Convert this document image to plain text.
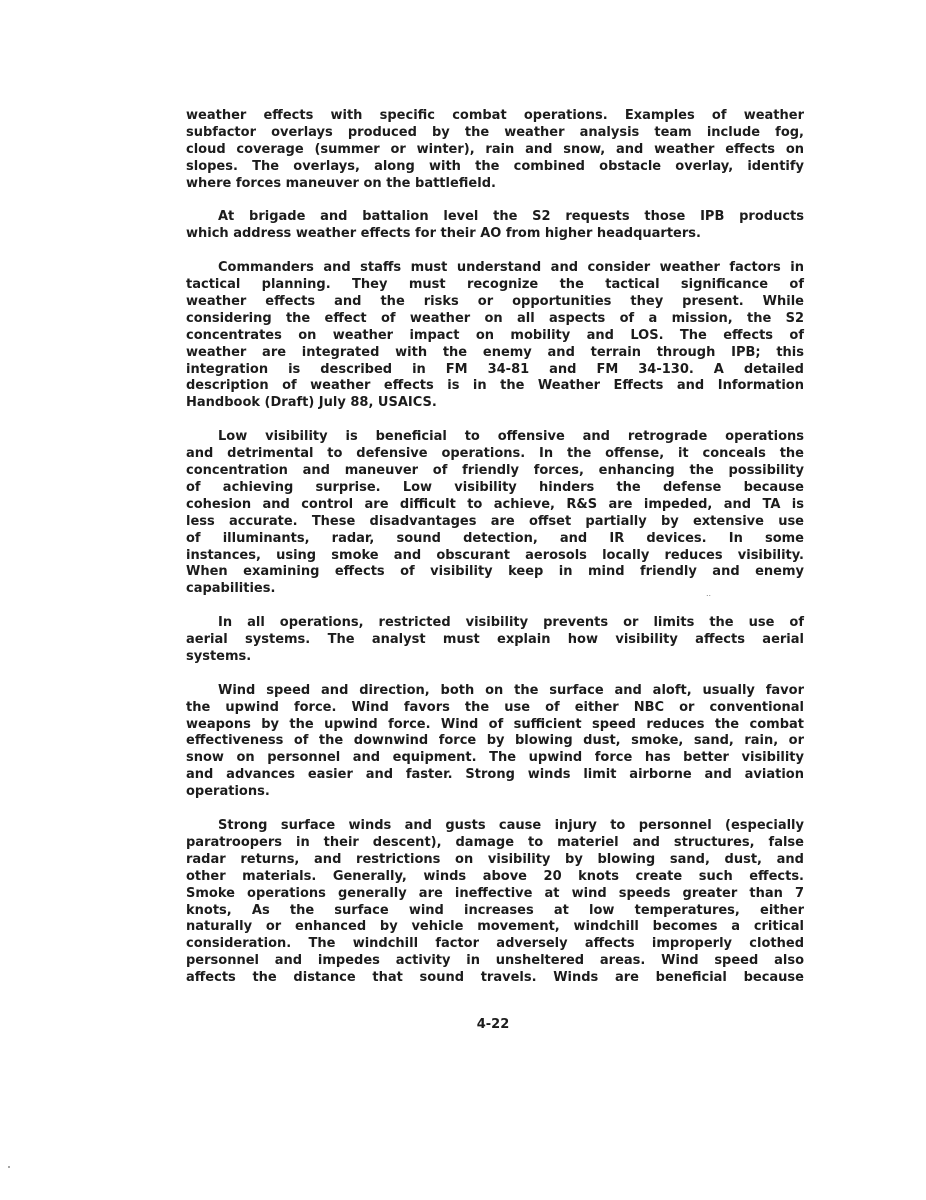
weather effects with specific combat operations. Examples of weather
subfactor overlays produced by the weather analysis team include fog,
cloud coverage (summer or winter), rain and snow, and weather effects on
slopes. The overlays, along with the combined obstacle overlay, identify
where forces maneuver on the battlefield.
At brigade and battalion level the S2 requests those IPB products
which address weather effects for their AO from higher headquarters.
Commanders and staffs must understand and consider weather factors in
tactical planning. They must recognize the tactical significance of
weather effects and the risks or opportunities they present. While
considering the effect of weather on all aspects of a mission, the S2
concentrates on weather impact on mobility and LOS. The effects of
weather are integrated with the enemy and terrain through IPB; this
integration is described in FM 34-81 and FM 34-130. A detailed
description of weather effects is in the Weather Effects and Information
Handbook (Draft) July 88, USAICS.
Low visibility is beneficial to offensive and retrograde operations
and detrimental to defensive operations. In the offense, it conceals the
concentration and maneuver of friendly forces, enhancing the possibility
of achieving surprise. Low visibility hinders the defense because
cohesion and control are difficult to achieve, R&S are impeded, and TA is
less accurate. These disadvantages are offset partially by extensive use
of illuminants, radar, sound detection, and IR devices. In some
instances, using smoke and obscurant aerosols locally reduces visibility.
When examining effects of visibility keep in mind friendly and enemy
capabilities.
In all operations, restricted visibility prevents or limits the use of
aerial systems. The analyst must explain how visibility affects aerial
systems.
Wind speed and direction, both on the surface and aloft, usually favor
the upwind force. Wind favors the use of either NBC or conventional
weapons by the upwind force. Wind of sufficient speed reduces the combat
effectiveness of the downwind force by blowing dust, smoke, sand, rain, or
snow on personnel and equipment. The upwind force has better visibility
and advances easier and faster. Strong winds limit airborne and aviation
operations.
Strong surface winds and gusts cause injury to personnel (especially
paratroopers in their descent), damage to materiel and structures, false
radar returns, and restrictions on visibility by blowing sand, dust, and
other materials. Generally, winds above 20 knots create such effects.
Smoke operations generally are ineffective at wind speeds greater than 7
knots, As the surface wind increases at low temperatures, either
naturally or enhanced by vehicle movement, windchill becomes a critical
consideration. The windchill factor adversely affects improperly clothed
personnel and impedes activity in unsheltered areas. Wind speed also
affects the distance that sound travels. Winds are beneficial because
..
4-22
